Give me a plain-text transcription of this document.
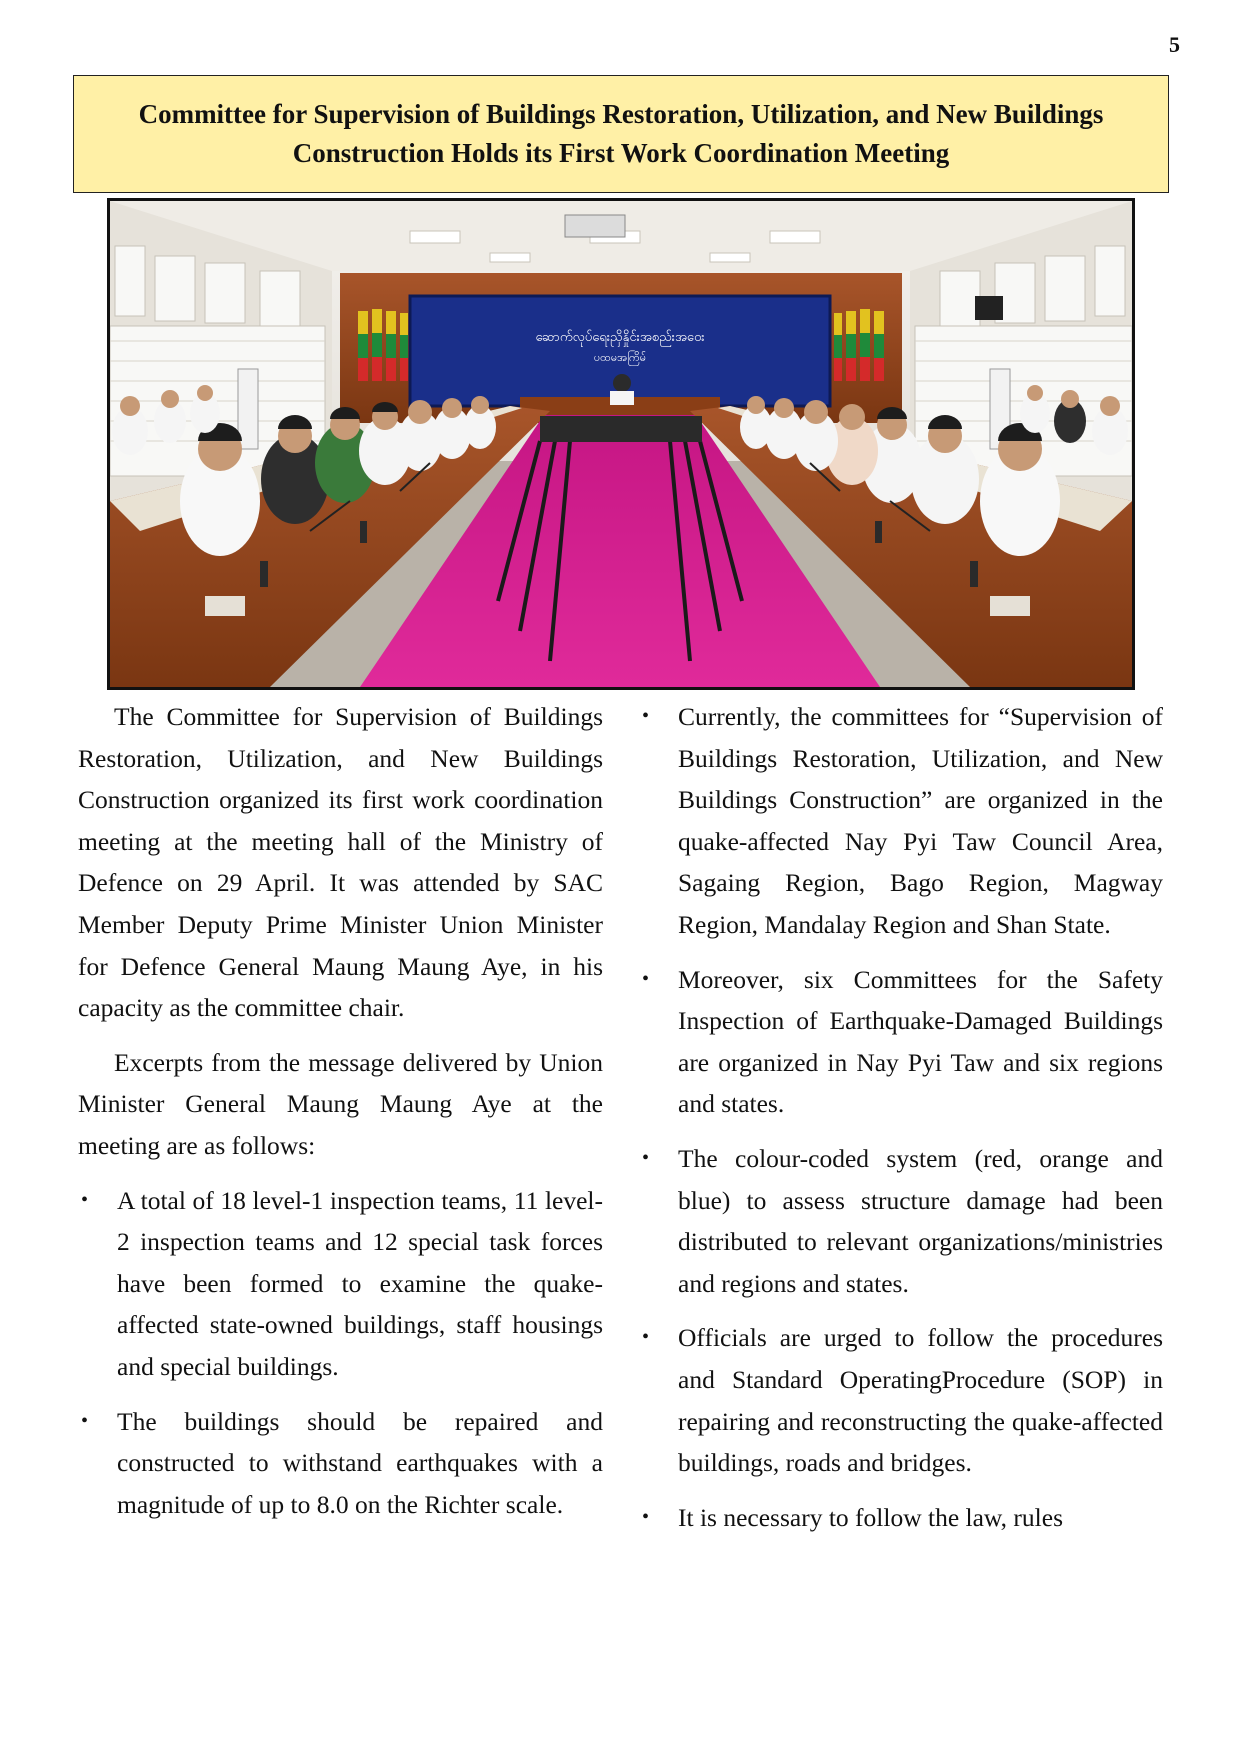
5
Committee for Supervision of Buildings Restoration, Utilization, and New Buildings Construction Holds its First Work Coordination Meeting
ဆောက်လုပ်ရေးညှိနှိုင်းအစည်းအဝေး
ပထမအကြိမ်

The Committee for Supervision of Buildings Restoration, Utilization, and New Buildings Construction organized its first work coordination meeting at the meeting hall of the Ministry of Defence on 29 April. It was attended by SAC Member Deputy Prime Minister Union Minister for Defence General Maung Maung Aye, in his capacity as the committee chair.

Excerpts from the message delivered by Union Minister General Maung Maung Aye at the meeting are as follows:

• A total of 18 level-1 inspection teams, 11 level-2 inspection teams and 12 special task forces have been formed to examine the quake-affected state-owned buildings, staff housings and special buildings.
• The buildings should be repaired and constructed to withstand earthquakes with a magnitude of up to 8.0 on the Richter scale.
• Currently, the committees for “Supervision of Buildings Restoration, Utilization, and New Buildings Construction” are organized in the quake-affected Nay Pyi Taw Council Area, Sagaing Region, Bago Region, Magway Region, Mandalay Region and Shan State.
• Moreover, six Committees for the Safety Inspection of Earthquake-Damaged Buildings are organized in Nay Pyi Taw and six regions and states.
• The colour-coded system (red, orange and blue) to assess structure damage had been distributed to relevant organizations/ministries and regions and states.
• Officials are urged to follow the procedures and Standard OperatingProcedure (SOP) in repairing and reconstructing the quake-affected buildings, roads and bridges.
• It is necessary to follow the law, rules
